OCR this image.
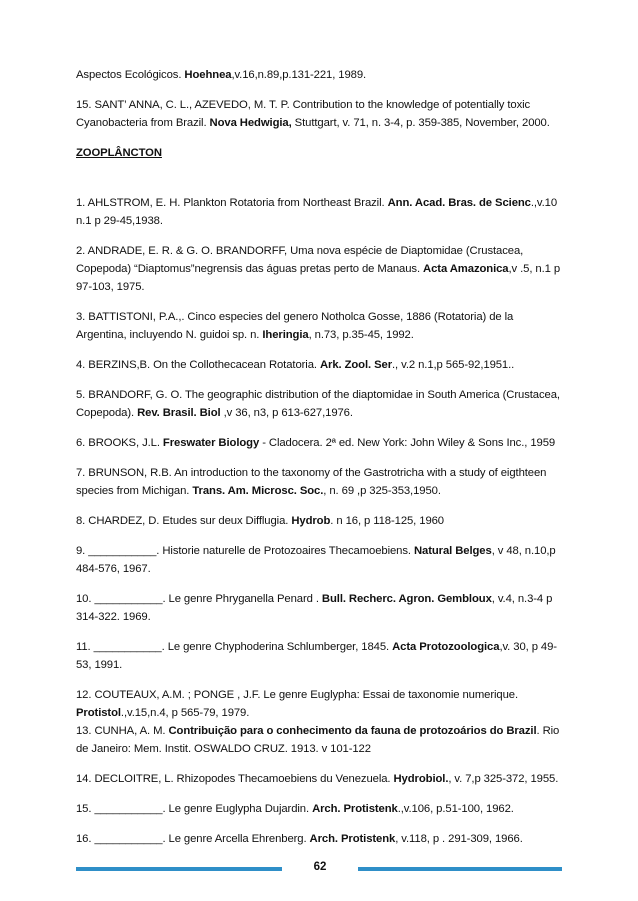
Aspectos Ecológicos. Hoehnea,v.16,n.89,p.131-221, 1989.

15. SANT’ ANNA, C. L., AZEVEDO, M. T. P. Contribution to the knowledge of potentially toxic Cyanobacteria from Brazil. Nova Hedwigia, Stuttgart, v. 71, n. 3-4, p. 359-385, November, 2000.

ZOOPLÂNCTON

1. AHLSTROM, E. H. Plankton Rotatoria from Northeast Brazil. Ann. Acad. Bras. de Scienc.,v.10 n.1 p 29-45,1938.

2. ANDRADE, E. R. & G. O. BRANDORFF, Uma nova espécie de Diaptomidae (Crustacea, Copepoda) “Diaptomus”negrensis das águas pretas perto de Manaus. Acta Amazonica,v .5, n.1 p 97-103, 1975.

3. BATTISTONI, P.A.,. Cinco especies del genero Notholca Gosse, 1886 (Rotatoria) de la Argentina, incluyendo N. guidoi sp. n. Iheringia, n.73, p.35-45, 1992.

4. BERZINS,B. On the Collothecacean Rotatoria. Ark. Zool. Ser., v.2 n.1,p 565-92,1951..

5. BRANDORF, G. O. The geographic distribution of the diaptomidae in South America (Crustacea, Copepoda). Rev. Brasil. Biol ,v 36, n3, p 613-627,1976.

6. BROOKS, J.L. Freswater Biology - Cladocera. 2ª ed. New York: John Wiley & Sons Inc., 1959

7. BRUNSON, R.B. An introduction to the taxonomy of the Gastrotricha with a study of eigthteen species from Michigan. Trans. Am. Microsc. Soc., n. 69 ,p 325-353,1950.

8. CHARDEZ, D. Etudes sur deux Difflugia. Hydrob. n 16, p 118-125, 1960

9. ___________. Historie naturelle de Protozoaires Thecamoebiens. Natural Belges, v 48, n.10,p 484-576, 1967.

10. ___________. Le genre Phryganella Penard . Bull. Recherc. Agron. Gembloux, v.4, n.3-4 p 314-322. 1969.

11. ___________. Le genre Chyphoderina Schlumberger, 1845. Acta Protozoologica,v. 30, p 49-53, 1991.

12. COUTEAUX, A.M. ; PONGE , J.F. Le genre Euglypha: Essai de taxonomie numerique. Protistol.,v.15,n.4, p 565-79, 1979.

13. CUNHA, A. M. Contribuição para o conhecimento da fauna de protozoários do Brazil. Rio de Janeiro: Mem. Instit. OSWALDO CRUZ. 1913. v 101-122

14. DECLOITRE, L. Rhizopodes Thecamoebiens du Venezuela. Hydrobiol., v. 7,p 325-372, 1955.

15. ___________. Le genre Euglypha Dujardin. Arch. Protistenk.,v.106, p.51-100, 1962.

16. ___________. Le genre Arcella Ehrenberg. Arch. Protistenk, v.118, p . 291-309, 1966.

62
